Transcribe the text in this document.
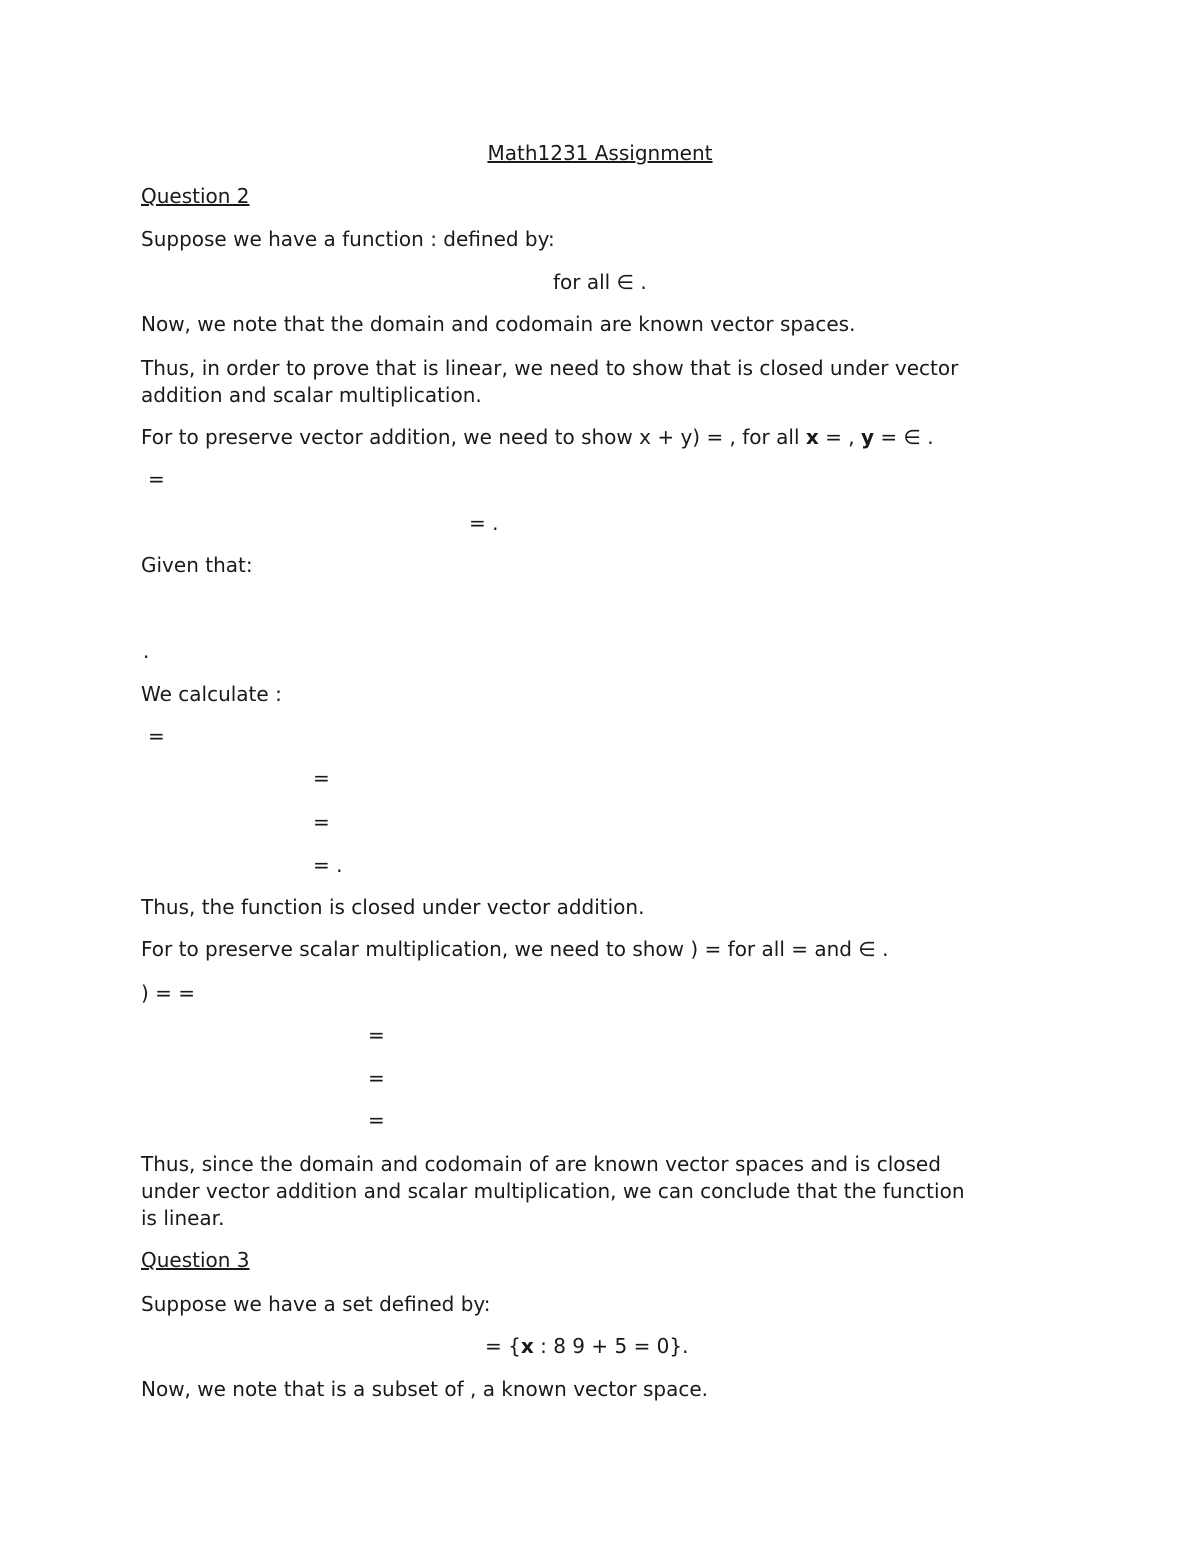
Math1231 Assignment
Question 2
Suppose we have a function : defined by:
for all ∈ .
Now, we note that the domain and codomain are known vector spaces.
Thus, in order to prove that is linear, we need to show that is closed under vector
addition and scalar multiplication.
For to preserve vector addition, we need to show x + y) = , for all x = , y = ∈ .
=
= .
Given that:
.
We calculate :
=
=
=
= .
Thus, the function is closed under vector addition.
For to preserve scalar multiplication, we need to show ) = for all = and ∈ .
) = =
=
=
=
Thus, since the domain and codomain of are known vector spaces and is closed
under vector addition and scalar multiplication, we can conclude that the function
is linear.
Question 3
Suppose we have a set defined by:
= {x : 8 9 + 5 = 0}.
Now, we note that is a subset of , a known vector space.
